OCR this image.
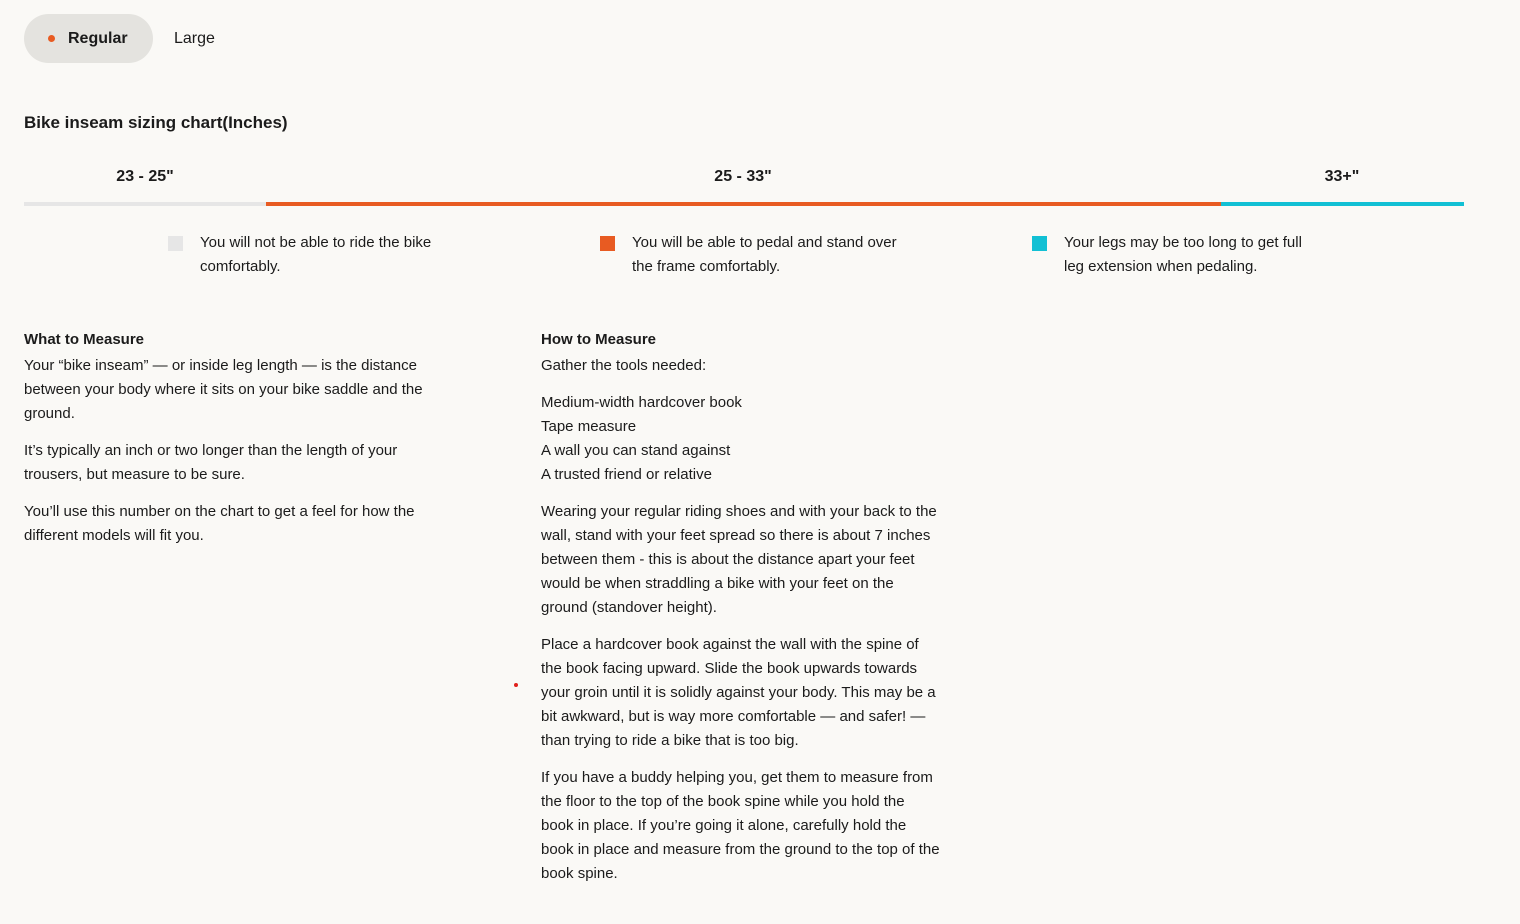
Regular	Large
Bike inseam sizing chart(Inches)
23 - 25"	25 - 33"	33+"
You will not be able to ride the bike comfortably.
You will be able to pedal and stand over the frame comfortably.
Your legs may be too long to get full leg extension when pedaling.
What to Measure

Your “bike inseam” — or inside leg length — is the distance between your body where it sits on your bike saddle and the ground.

It’s typically an inch or two longer than the length of your trousers, but measure to be sure.

You’ll use this number on the chart to get a feel for how the different models will fit you.

How to Measure

Gather the tools needed:

Medium-width hardcover book
Tape measure
A wall you can stand against
A trusted friend or relative

Wearing your regular riding shoes and with your back to the wall, stand with your feet spread so there is about 7 inches between them - this is about the distance apart your feet would be when straddling a bike with your feet on the ground (standover height).

Place a hardcover book against the wall with the spine of the book facing upward. Slide the book upwards towards your groin until it is solidly against your body. This may be a bit awkward, but is way more comfortable — and safer! — than trying to ride a bike that is too big.

If you have a buddy helping you, get them to measure from the floor to the top of the book spine while you hold the book in place. If you’re going it alone, carefully hold the book in place and measure from the ground to the top of the book spine.
